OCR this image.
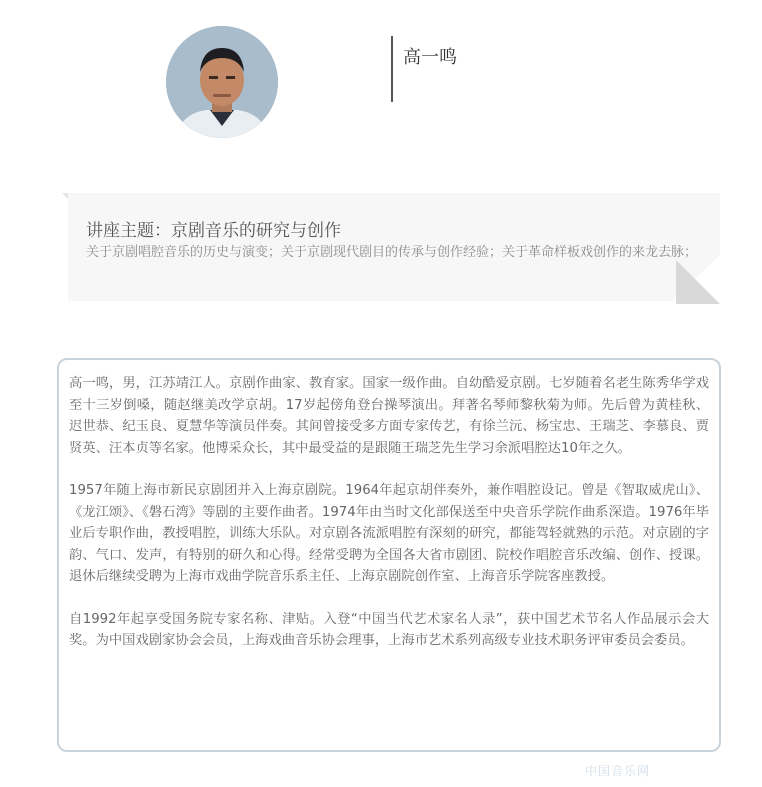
高一鸣
讲座主题：京剧音乐的研究与创作
关于京剧唱腔音乐的历史与演变；关于京剧现代剧目的传承与创作经验；关于革命样板戏创作的来龙去脉；

高一鸣，男，江苏靖江人。京剧作曲家、教育家。国家一级作曲。自幼酷爱京剧。七岁随着名老生陈秀华学戏至十三岁倒嗓，随赵继美改学京胡。17岁起傍角登台操琴演出。拜著名琴师黎秋菊为师。先后曾为黄桂秋、迟世恭、纪玉良、夏慧华等演员伴奏。其间曾接受多方面专家传艺，有徐兰沅、杨宝忠、王瑞芝、李慕良、贾贤英、汪本贞等名家。他博采众长，其中最受益的是跟随王瑞芝先生学习余派唱腔达10年之久。

1957年随上海市新民京剧团并入上海京剧院。1964年起京胡伴奏外，兼作唱腔设记。曾是《智取威虎山》、《龙江颂》、《磐石湾》等剧的主要作曲者。1974年由当时文化部保送至中央音乐学院作曲系深造。1976年毕业后专职作曲，教授唱腔，训练大乐队。对京剧各流派唱腔有深刻的研究，都能驾轻就熟的示范。对京剧的字韵、气口、发声，有特别的研久和心得。经常受聘为全国各大省市剧团、院校作唱腔音乐改编、创作、授课。退休后继续受聘为上海市戏曲学院音乐系主任、上海京剧院创作室、上海音乐学院客座教授。

自1992年起享受国务院专家名称、津贴。入登“中国当代艺术家名人录”，获中国艺术节名人作品展示会大奖。为中国戏剧家协会会员，上海戏曲音乐协会理事，上海市艺术系列高级专业技术职务评审委员会委员。

中国音乐网
